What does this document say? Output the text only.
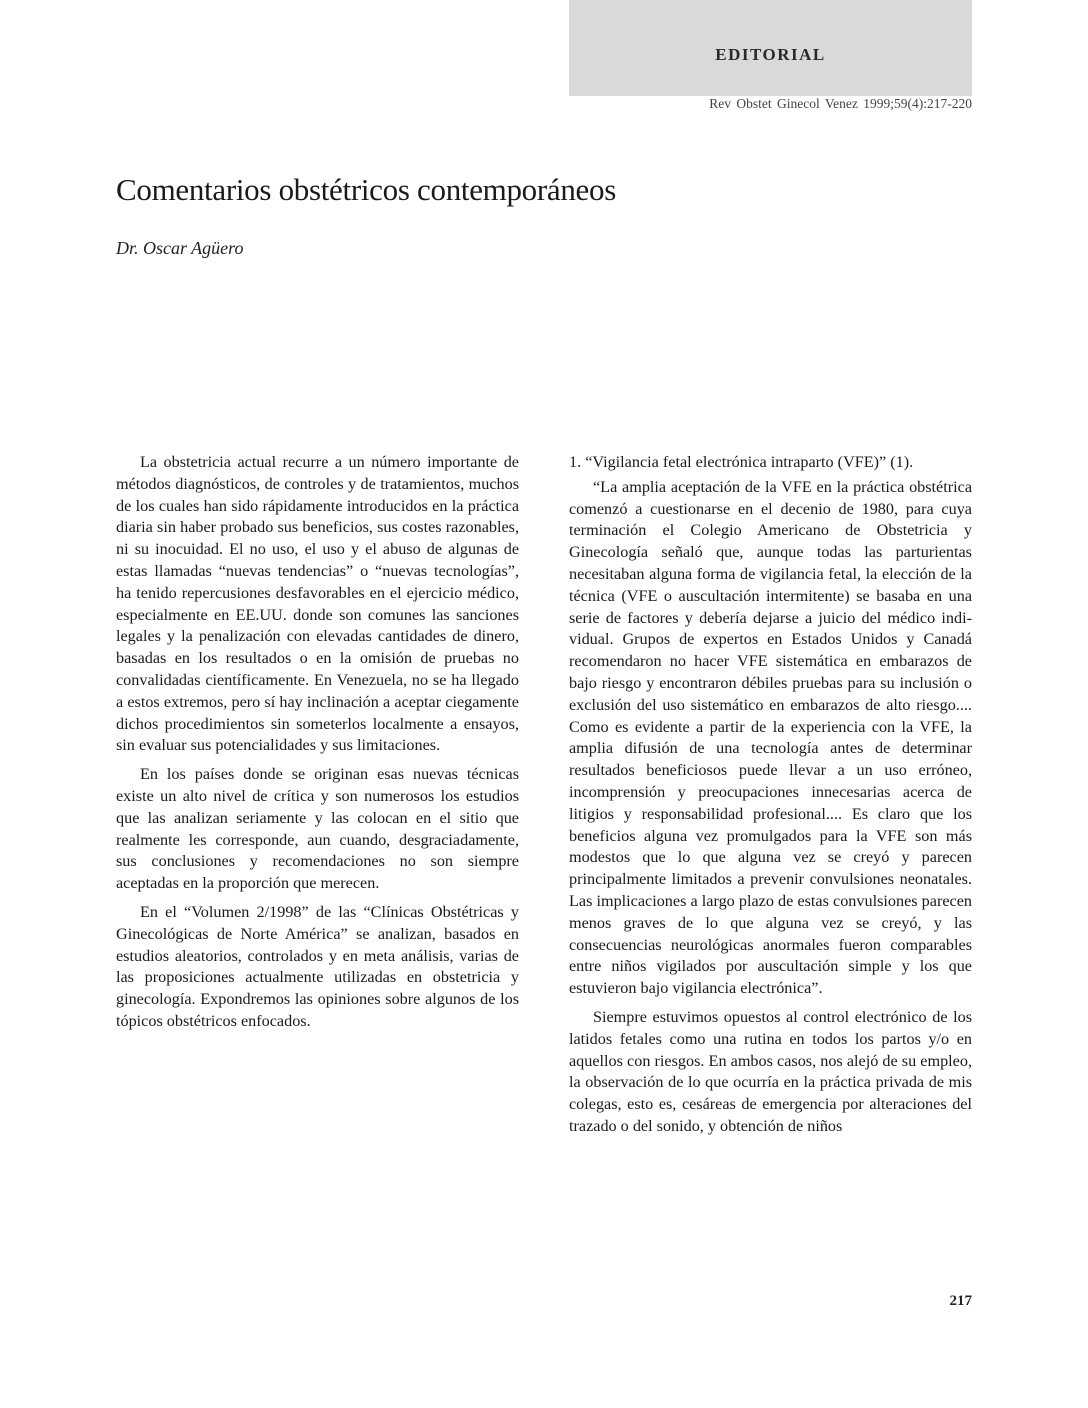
EDITORIAL
Rev Obstet Ginecol Venez 1999;59(4):217-220
Comentarios obstétricos contemporáneos
Dr. Oscar Agüero

La obstetricia actual recurre a un número importante de métodos diagnósticos, de controles y de tratamientos, muchos de los cuales han sido rápidamente introducidos en la práctica diaria sin haber probado sus beneficios, sus costes razonables, ni su inocuidad. El no uso, el uso y el abuso de algunas de estas llamadas “nuevas tendencias” o “nuevas tecnologías”, ha tenido repercusiones desfavorables en el ejercicio médico, especialmente en EE.UU. donde son comunes las sanciones legales y la penalización con elevadas cantidades de dinero, basadas en los resultados o en la omisión de pruebas no convalidadas científicamente. En Venezuela, no se ha llegado a estos extremos, pero sí hay inclinación a aceptar ciegamente dichos procedimientos sin someterlos localmente a ensayos, sin evaluar sus potencialidades y sus limitaciones.

En los países donde se originan esas nuevas técnicas existe un alto nivel de crítica y son numerosos los estudios que las analizan seriamente y las colocan en el sitio que realmente les corresponde, aun cuando, desgraciadamente, sus conclusiones y recomendaciones no son siempre aceptadas en la proporción que merecen.

En el “Volumen 2/1998” de las “Clínicas Obstétricas y Ginecológicas de Norte América” se analizan, basados en estudios aleatorios, controlados y en meta análisis, varias de las proposiciones actualmente utilizadas en obstetricia y ginecología. Expondremos las opiniones sobre algunos de los tópicos obstétricos enfocados.

1. “Vigilancia fetal electrónica intraparto (VFE)” (1).

“La amplia aceptación de la VFE en la práctica obstétrica comenzó a cuestionarse en el decenio de 1980, para cuya terminación el Colegio Americano de Obstetricia y Ginecología señaló que, aunque todas las parturientas necesitaban alguna forma de vigilancia fetal, la elección de la técnica (VFE o auscultación intermitente) se basaba en una serie de factores y debería dejarse a juicio del médico individual. Grupos de expertos en Estados Unidos y Canadá recomendaron no hacer VFE sistemática en embarazos de bajo riesgo y encontraron débiles pruebas para su inclusión o exclusión del uso sistemático en embarazos de alto riesgo.... Como es evidente a partir de la experiencia con la VFE, la amplia difusión de una tecnología antes de determinar resultados beneficiosos puede llevar a un uso erróneo, incomprensión y preocupaciones innecesarias acerca de litigios y responsabilidad profesional.... Es claro que los beneficios alguna vez promulgados para la VFE son más modestos que lo que alguna vez se creyó y parecen principalmente limitados a prevenir convulsiones neonatales. Las implicaciones a largo plazo de estas convulsiones parecen menos graves de lo que alguna vez se creyó, y las consecuencias neurológicas anormales fueron comparables entre niños vigilados por auscultación simple y los que estuvieron bajo vigilancia electrónica”.

Siempre estuvimos opuestos al control electrónico de los latidos fetales como una rutina en todos los partos y/o en aquellos con riesgos. En ambos casos, nos alejó de su empleo, la observación de lo que ocurría en la práctica privada de mis colegas, esto es, cesáreas de emergencia por alteraciones del trazado o del sonido, y obtención de niños

217
